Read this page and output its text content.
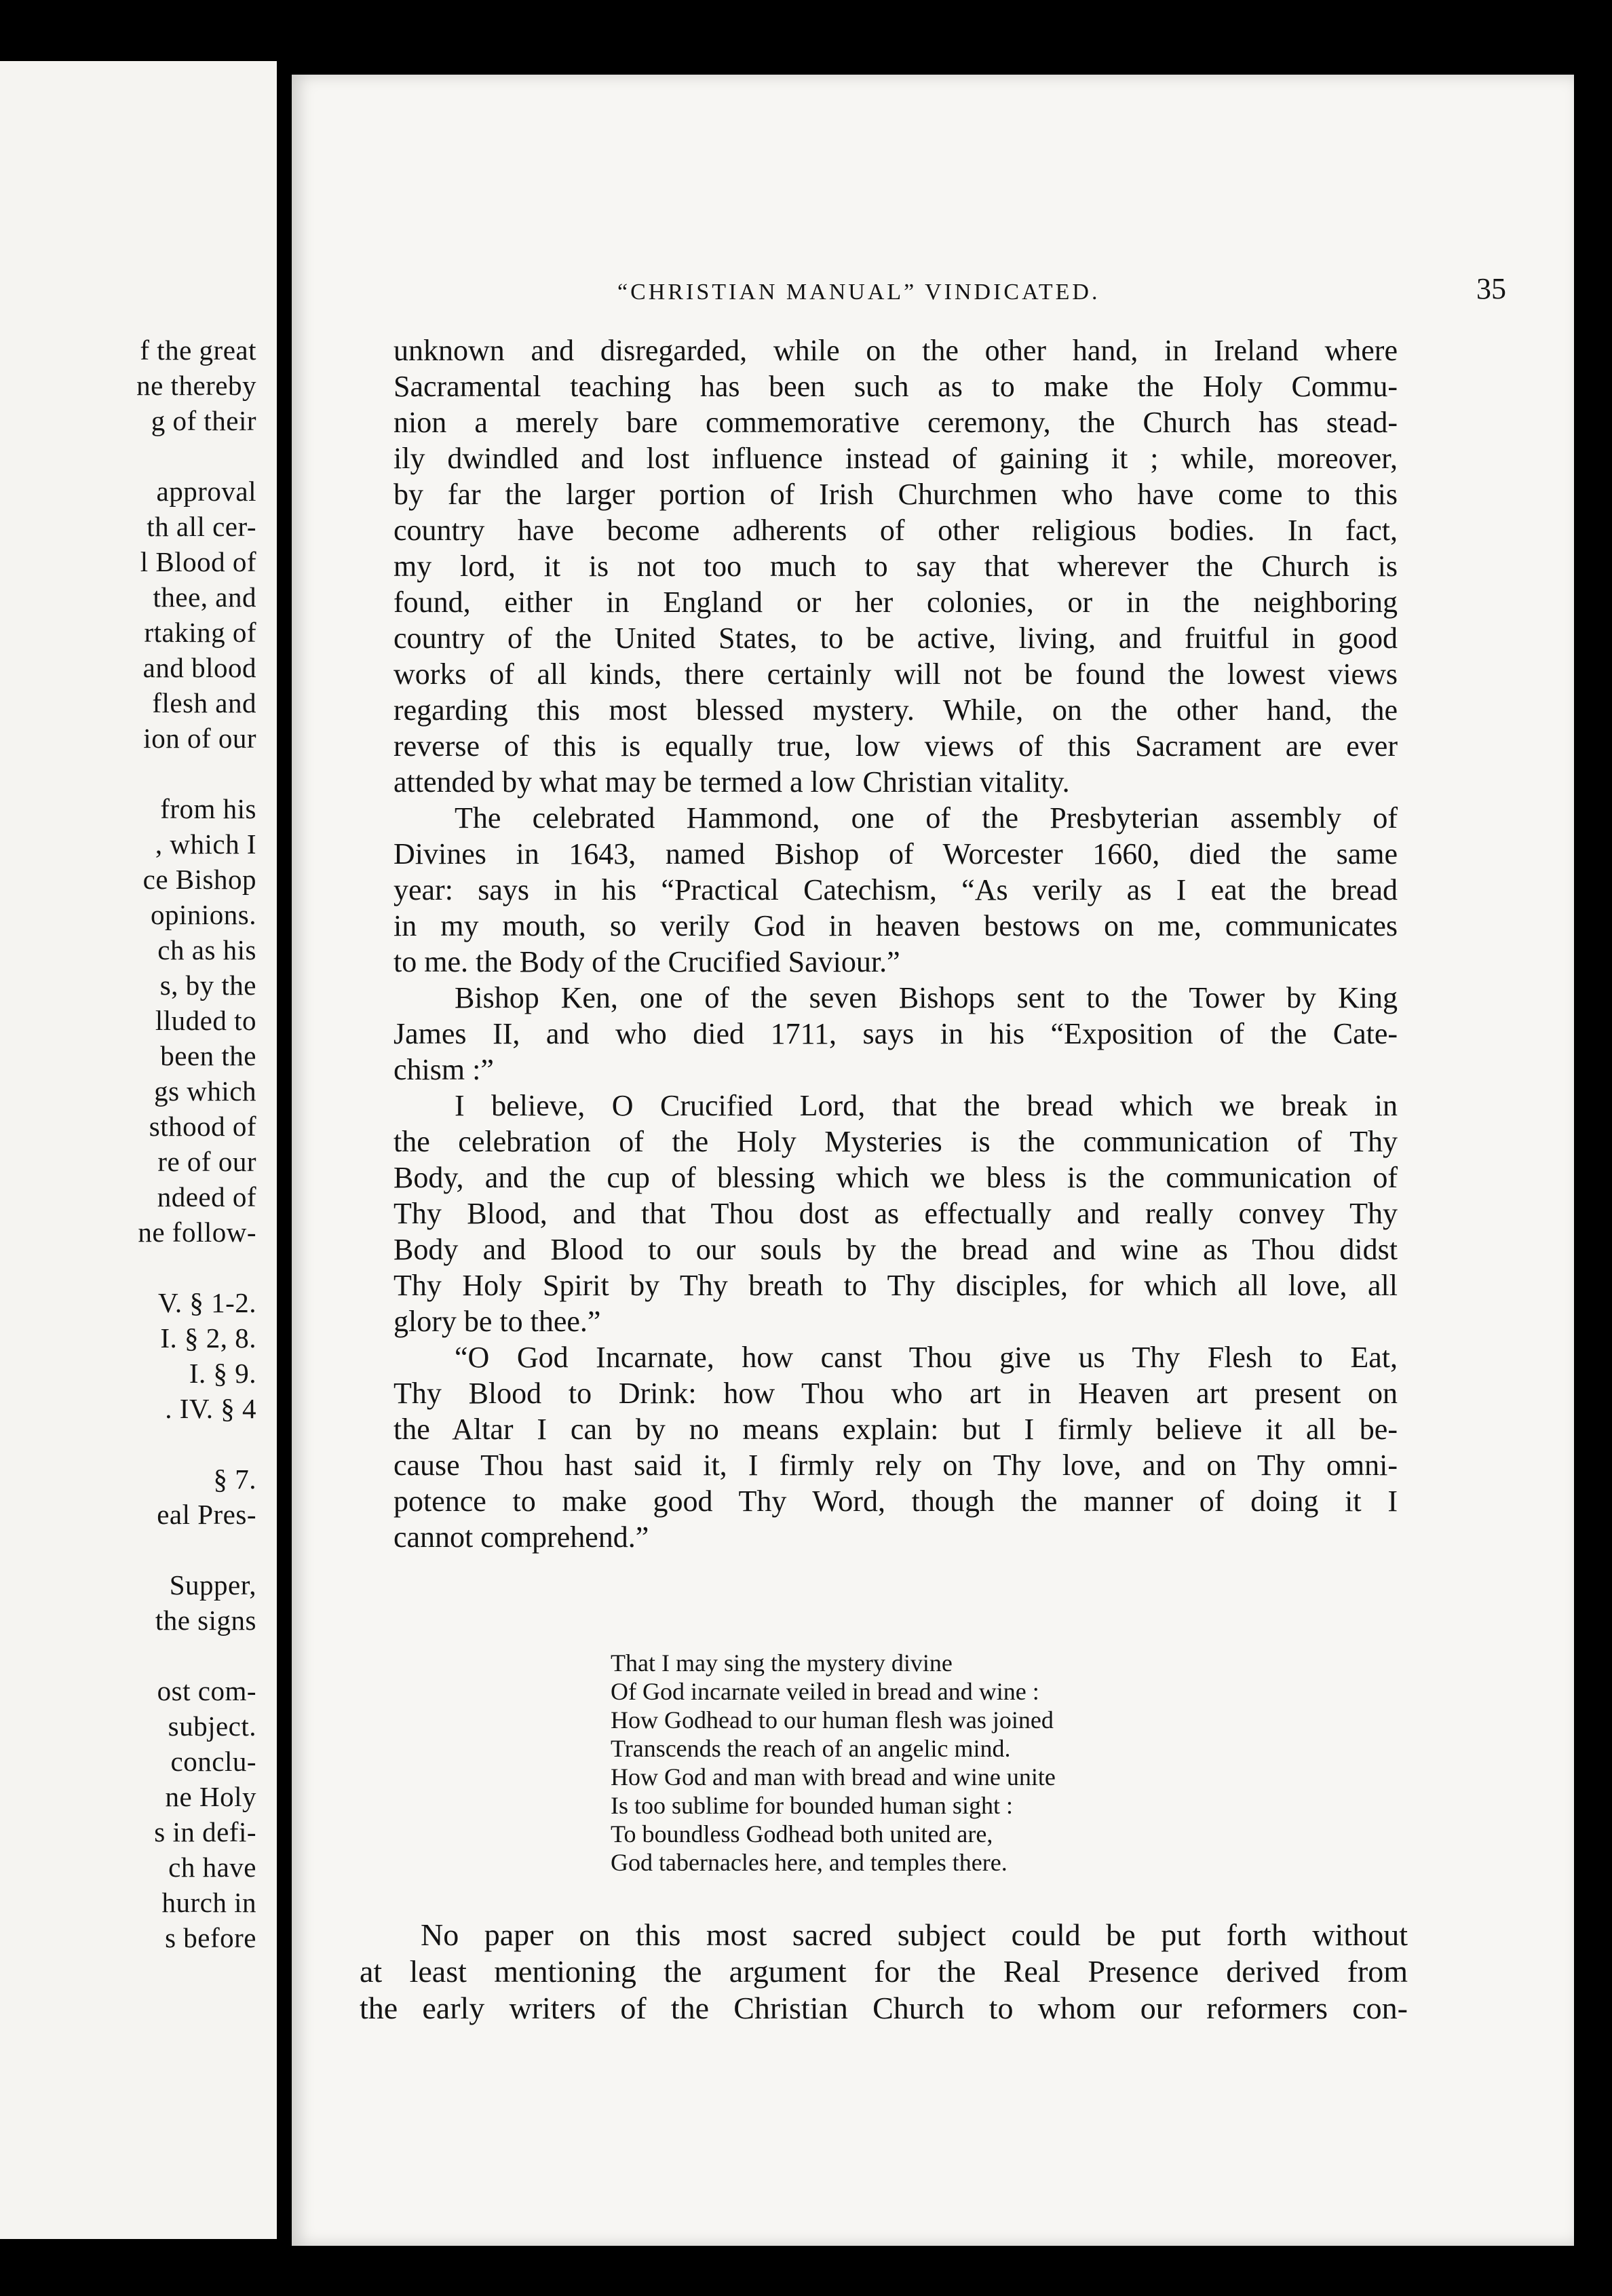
f the great
ne thereby
g of their
approval
th all cer-
l Blood of
thee, and
rtaking of
and blood
flesh and
ion of our
from his
, which I
ce Bishop
opinions.
ch as his
s, by the
lluded to
been the
gs which
sthood of
re of our
ndeed of
ne follow-
V. § 1-2.
I. § 2, 8.
I. § 9.
. IV. § 4
§ 7.
eal Pres-
Supper,
the signs
ost com-
subject.
conclu-
ne Holy
s in defi-
ch have
hurch in
s before
“CHRISTIAN MANUAL” VINDICATED.	35
unknown and disregarded, while on the other hand, in Ireland where
Sacramental teaching has been such as to make the Holy Commu-
nion a merely bare commemorative ceremony, the Church has stead-
ily dwindled and lost influence instead of gaining it ; while, moreover,
by far the larger portion of Irish Churchmen who have come to this
country have become adherents of other religious bodies. In fact,
my lord, it is not too much to say that wherever the Church is
found, either in England or her colonies, or in the neighboring
country of the United States, to be active, living, and fruitful in good
works of all kinds, there certainly will not be found the lowest views
regarding this most blessed mystery. While, on the other hand, the
reverse of this is equally true, low views of this Sacrament are ever
attended by what may be termed a low Christian vitality.
The celebrated Hammond, one of the Presbyterian assembly of
Divines in 1643, named Bishop of Worcester 1660, died the same
year: says in his “Practical Catechism, “As verily as I eat the bread
in my mouth, so verily God in heaven bestows on me, communicates
to me. the Body of the Crucified Saviour.”
Bishop Ken, one of the seven Bishops sent to the Tower by King
James II, and who died 1711, says in his “Exposition of the Cate-
chism :”
I believe, O Crucified Lord, that the bread which we break in
the celebration of the Holy Mysteries is the communication of Thy
Body, and the cup of blessing which we bless is the communication of
Thy Blood, and that Thou dost as effectually and really convey Thy
Body and Blood to our souls by the bread and wine as Thou didst
Thy Holy Spirit by Thy breath to Thy disciples, for which all love, all
glory be to thee.”
“O God Incarnate, how canst Thou give us Thy Flesh to Eat,
Thy Blood to Drink: how Thou who art in Heaven art present on
the Altar I can by no means explain: but I firmly believe it all be-
cause Thou hast said it, I firmly rely on Thy love, and on Thy omni-
potence to make good Thy Word, though the manner of doing it I
cannot comprehend.”
That I may sing the mystery divine
Of God incarnate veiled in bread and wine :
How Godhead to our human flesh was joined
Transcends the reach of an angelic mind.
How God and man with bread and wine unite
Is too sublime for bounded human sight :
To boundless Godhead both united are,
God tabernacles here, and temples there.
No paper on this most sacred subject could be put forth without
at least mentioning the argument for the Real Presence derived from
the early writers of the Christian Church to whom our reformers con-
